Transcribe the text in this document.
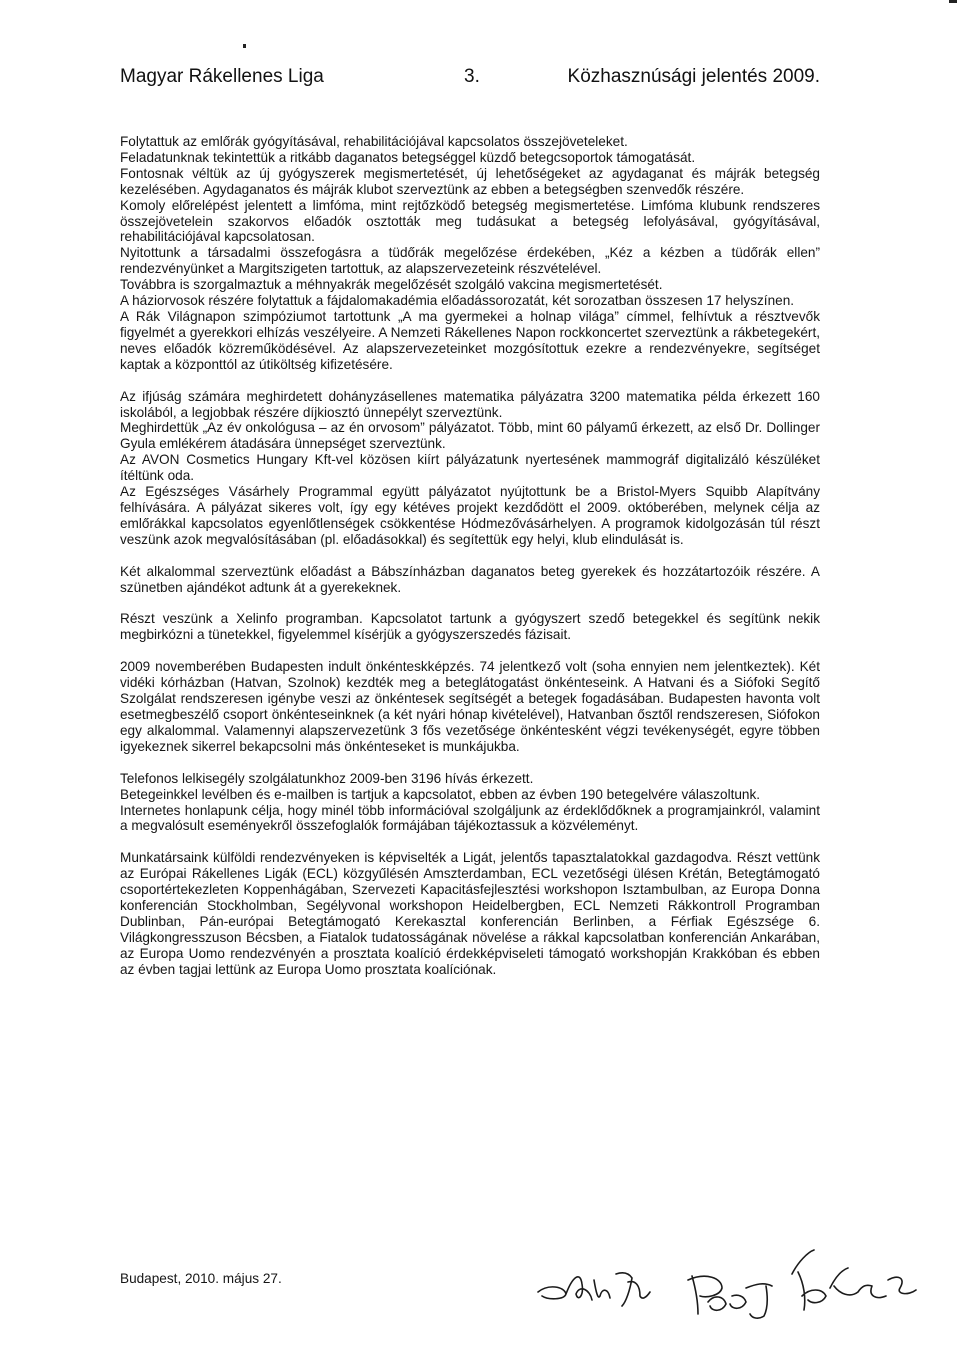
Magyar Rákellenes Liga	3.	Közhasznúsági jelentés 2009.

Folytattuk az emlőrák gyógyításával, rehabilitációjával kapcsolatos összejöveteleket.
Feladatunknak tekintettük a ritkább daganatos betegséggel küzdő betegcsoportok támogatását.
Fontosnak véltük az új gyógyszerek megismertetését, új lehetőségeket az agydaganat és májrák betegség kezelésében. Agydaganatos és májrák klubot szerveztünk az ebben a betegségben szenvedők részére.
Komoly előrelépést jelentett a limfóma, mint rejtőzködő betegség megismertetése. Limfóma klubunk rendszeres összejövetelein szakorvos előadók osztották meg tudásukat a betegség lefolyásával, gyógyításával, rehabilitációjával kapcsolatosan.
Nyitottunk a társadalmi összefogásra a tüdőrák megelőzése érdekében, „Kéz a kézben a tüdőrák ellen” rendezvényünket a Margitszigeten tartottuk, az alapszervezeteink részvételével.
Továbbra is szorgalmaztuk a méhnyakrák megelőzését szolgáló vakcina megismertetését.
A háziorvosok részére folytattuk a fájdalomakadémia előadássorozatát, két sorozatban összesen 17 helyszínen.
A Rák Világnapon szimpóziumot tartottunk „A ma gyermekei a holnap világa” címmel, felhívtuk a résztvevők figyelmét a gyerekkori elhízás veszélyeire. A Nemzeti Rákellenes Napon rockkoncertet szerveztünk a rákbetegekért, neves előadók közreműködésével. Az alapszervezeteinket mozgósítottuk ezekre a rendezvényekre, segítséget kaptak a központtól az útiköltség kifizetésére.

Az ifjúság számára meghirdetett dohányzásellenes matematika pályázatra 3200 matematika példa érkezett 160 iskolából, a legjobbak részére díjkiosztó ünnepélyt szerveztünk.
Meghirdettük „Az év onkológusa – az én orvosom” pályázatot. Több, mint 60 pályamű érkezett, az első Dr. Dollinger Gyula emlékérem átadására ünnepséget szerveztünk.
Az AVON Cosmetics Hungary Kft-vel közösen kiírt pályázatunk nyertesének mammográf digitalizáló készüléket ítéltünk oda.
Az Egészséges Vásárhely Programmal együtt pályázatot nyújtottunk be a Bristol-Myers Squibb Alapítvány felhívására. A pályázat sikeres volt, így egy kétéves projekt kezdődött el 2009. októberében, melynek célja az emlőrákkal kapcsolatos egyenlőtlenségek csökkentése Hódmezővásárhelyen. A programok kidolgozásán túl részt veszünk azok megvalósításában (pl. előadásokkal) és segítettük egy helyi, klub elindulását is.

Két alkalommal szerveztünk előadást a Bábszínházban daganatos beteg gyerekek és hozzátartozóik részére. A szünetben ajándékot adtunk át a gyerekeknek.

Részt veszünk a Xelinfo programban. Kapcsolatot tartunk a gyógyszert szedő betegekkel és segítünk nekik megbirkózni a tünetekkel, figyelemmel kísérjük a gyógyszerszedés fázisait.

2009 novemberében Budapesten indult önkénteskképzés. 74 jelentkező volt (soha ennyien nem jelentkeztek). Két vidéki kórházban (Hatvan, Szolnok) kezdték meg a beteglátogatást önkénteseink. A Hatvani és a Siófoki Segítő Szolgálat rendszeresen igénybe veszi az önkéntesek segítségét a betegek fogadásában. Budapesten havonta volt esetmegbeszélő csoport önkénteseinknek (a két nyári hónap kivételével), Hatvanban ősztől rendszeresen, Siófokon egy alkalommal. Valamennyi alapszervezetünk 3 fős vezetősége önkéntesként végzi tevékenységét, egyre többen igyekeznek sikerrel bekapcsolni más önkénteseket is munkájukba.

Telefonos lelkisegély szolgálatunkhoz 2009-ben 3196 hívás érkezett.
Betegeinkkel levélben és e-mailben is tartjuk a kapcsolatot, ebben az évben 190 betegelvére válaszoltunk.
Internetes honlapunk célja, hogy minél több információval szolgáljunk az érdeklődőknek a programjainkról, valamint a megvalósult eseményekről összefoglalók formájában tájékoztassuk a közvéleményt.

Munkatársaink külföldi rendezvényeken is képviselték a Ligát, jelentős tapasztalatokkal gazdagodva. Részt vettünk az Európai Rákellenes Ligák (ECL) közgyűlésén Amszterdamban, ECL vezetőségi ülésen Krétán, Betegtámogató csoportértekezleten Koppenhágában, Szervezeti Kapacitásfejlesztési workshopon Isztambulban, az Europa Donna konferencián Stockholmban, Segélyvonal workshopon Heidelbergben, ECL Nemzeti Rákkontroll Programban Dublinban, Pán-európai Betegtámogató Kerekasztal konferencián Berlinben, a Férfiak Egészsége 6. Világkongresszuson Bécsben, a Fiatalok tudatosságának növelése a rákkal kapcsolatban konferencián Ankarában, az Europa Uomo rendezvényén a prosztata koalíció érdekképviseleti támogató workshopján Krakkóban és ebben az évben tagjai lettünk az Europa Uomo prosztata koalíciónak.

Budapest, 2010. május 27.
